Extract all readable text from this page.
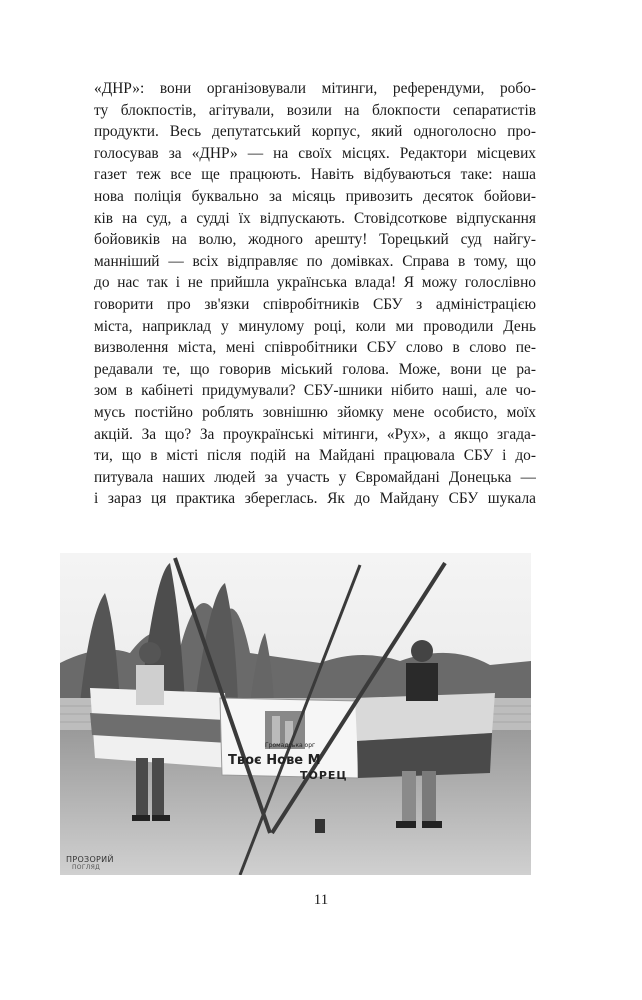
«ДНР»: вони організовували мітинги, референдуми, робо-
ту блокпостів, агітували, возили на блокпости сепаратистів
продукти. Весь депутатський корпус, який одноголосно про-
голосував за «ДНР» — на своїх місцях. Редактори місцевих
газет теж все ще працюють. Навіть відбуваються таке: наша
нова поліція буквально за місяць привозить десяток бойови-
ків на суд, а судді їх відпускають. Стовідсоткове відпускання
бойовиків на волю, жодного арешту! Торецький суд найгу-
манніший — всіх відправляє по домівках. Справа в тому, що
до нас так і не прийшла українська влада! Я можу голослівно
говорити про зв'язки співробітників СБУ з адміністрацією
міста, наприклад у минулому році, коли ми проводили День
визволення міста, мені співробітники СБУ слово в слово пе-
редавали те, що говорив міський голова. Може, вони це ра-
зом в кабінеті придумували? СБУ-шники нібито наші, але чо-
мусь постійно роблять зовнішню зйомку мене особисто, моїх
акцій. За що? За проукраїнські мітинги, «Рух», а якщо згада-
ти, що в місті після подій на Майдані працювала СБУ і до-
питувала наших людей за участь у Євромайдані Донецька —
і зараз ця практика збереглась. Як до Майдану СБУ шукала
Твоє Нове М
Громадська орг
ТОРЕЦ
ПРОЗОРИЙ
ПОГЛЯД
11
